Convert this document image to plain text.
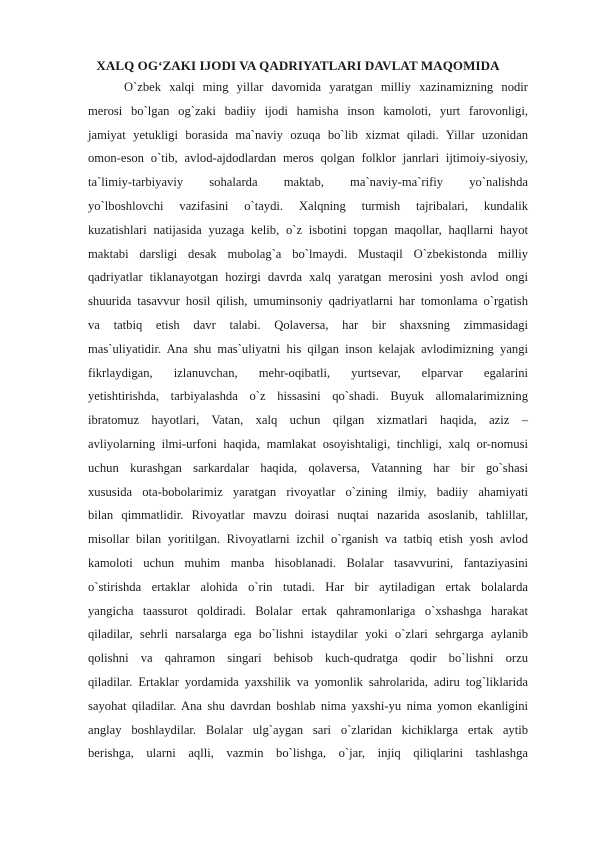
XALQ OG‘ZAKI IJODI VA QADRIYATLARI DAVLAT MAQOMIDA
O`zbek xalqi ming yillar davomida yaratgan milliy xazinamizning nodir
merosi bo`lgan og`zaki badiiy ijodi hamisha inson kamoloti, yurt farovonligi,
jamiyat yetukligi borasida ma`naviy ozuqa bo`lib xizmat qiladi. Yillar uzonidan
omon-eson o`tib, avlod-ajdodlardan meros qolgan folklor janrlari ijtimoiy-siyosiy,
ta`limiy-tarbiyaviy sohalarda maktab, ma`naviy-ma`rifiy yo`nalishda
yo`lboshlovchi vazifasini o`taydi. Xalqning turmish tajribalari, kundalik
kuzatishlari natijasida yuzaga kelib, o`z isbotini topgan maqollar, haqllarni hayot
maktabi darsligi desak mubolag`a bo`lmaydi. Mustaqil O`zbekistonda milliy
qadriyatlar tiklanayotgan hozirgi davrda xalq yaratgan merosini yosh avlod ongi
shuurida tasavvur hosil qilish, umuminsoniy qadriyatlarni har tomonlama o`rgatish
va tatbiq etish davr talabi. Qolaversa, har bir shaxsning zimmasidagi
mas`uliyatidir. Ana shu mas`uliyatni his qilgan inson kelajak avlodimizning yangi
fikrlaydigan, izlanuvchan, mehr-oqibatli, yurtsevar, elparvar egalarini
yetishtirishda, tarbiyalashda o`z hissasini qo`shadi. Buyuk allomalarimizning
ibratomuz hayotlari, Vatan, xalq uchun qilgan xizmatlari haqida, aziz –
avliyolarning ilmi-urfoni haqida, mamlakat osoyishtaligi, tinchligi, xalq or-nomusi
uchun kurashgan sarkardalar haqida, qolaversa, Vatanning har bir go`shasi
xususida ota-bobolarimiz yaratgan rivoyatlar o`zining ilmiy, badiiy ahamiyati
bilan qimmatlidir. Rivoyatlar mavzu doirasi nuqtai nazarida asoslanib, tahlillar,
misollar bilan yoritilgan. Rivoyatlarni izchil o`rganish va tatbiq etish yosh avlod
kamoloti uchun muhim manba hisoblanadi. Bolalar tasavvurini, fantaziyasini
o`stirishda ertaklar alohida o`rin tutadi. Har bir aytiladigan ertak bolalarda
yangicha taassurot qoldiradi. Bolalar ertak qahramonlariga o`xshashga harakat
qiladilar, sehrli narsalarga ega bo`lishni istaydilar yoki o`zlari sehrgarga aylanib
qolishni va qahramon singari behisob kuch-qudratga qodir bo`lishni orzu
qiladilar. Ertaklar yordamida yaxshilik va yomonlik sahrolarida, adiru tog`liklarida
sayohat qiladilar. Ana shu davrdan boshlab nima yaxshi-yu nima yomon ekanligini
anglay boshlaydilar. Bolalar ulg`aygan sari o`zlaridan kichiklarga ertak aytib
berishga, ularni aqlli, vazmin bo`lishga, o`jar, injiq qiliqlarini tashlashga
